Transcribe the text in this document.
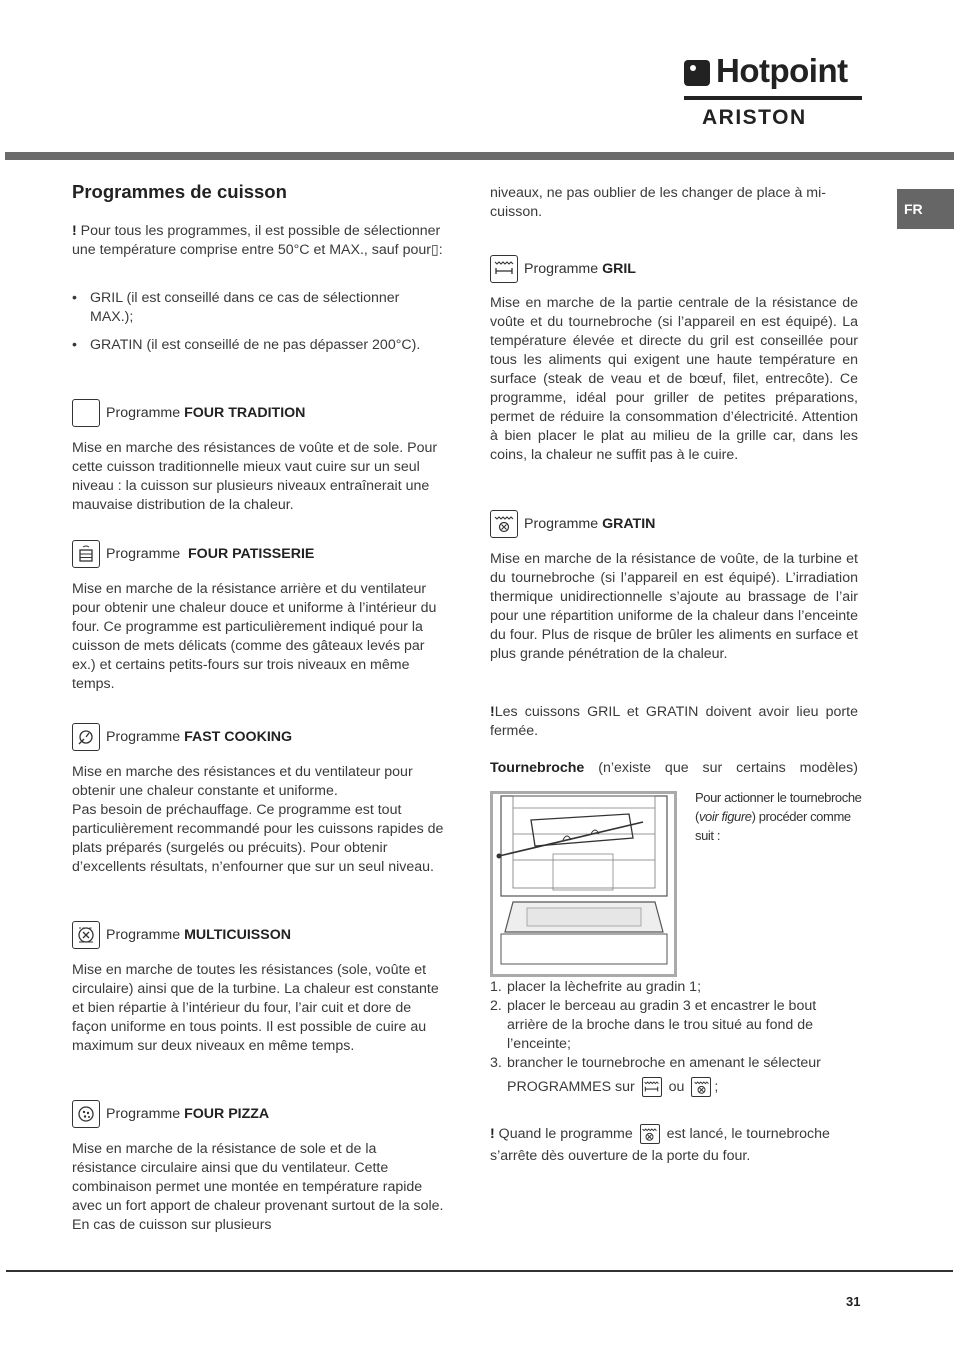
Hotpoint
ARISTON
FR
Programmes de cuisson

! Pour tous les programmes, il est possible de sélectionner une température comprise entre 50°C et MAX., sauf pour▯:

• GRIL (il est conseillé dans ce cas de sélectionner MAX.);
• GRATIN (il est conseillé de ne pas dépasser 200°C).
Programme FOUR TRADITION

Mise en marche des résistances de voûte et de sole. Pour cette cuisson traditionnelle mieux vaut cuire sur un seul niveau : la cuisson sur plusieurs niveaux entraînerait une mauvaise distribution de la chaleur.

Programme FOUR PATISSERIE

Mise en marche de la résistance arrière et du ventilateur pour obtenir une chaleur douce et uniforme à l’intérieur du four. Ce programme est particulièrement indiqué pour la cuisson de mets délicats (comme des gâteaux levés par ex.) et certains petits-fours sur trois niveaux en même temps.

Programme FAST COOKING

Mise en marche des résistances et du ventilateur pour obtenir une chaleur constante et uniforme.
Pas besoin de préchauffage. Ce programme est tout particulièrement recommandé pour les cuissons rapides de plats préparés (surgelés ou précuits). Pour obtenir d’excellents résultats, n’enfourner que sur un seul niveau.

Programme MULTICUISSON

Mise en marche de toutes les résistances (sole, voûte et circulaire) ainsi que de la turbine. La chaleur est constante et bien répartie à l’intérieur du four, l’air cuit et dore de façon uniforme en tous points. Il est possible de cuire au maximum sur deux niveaux en même temps.

Programme FOUR PIZZA

Mise en marche de la résistance de sole et de la résistance circulaire ainsi que du ventilateur. Cette combinaison permet une montée en température rapide avec un fort apport de chaleur provenant surtout de la sole. En cas de cuisson sur plusieurs

niveaux, ne pas oublier de les changer de place à mi-cuisson.

Programme GRIL

Mise en marche de la partie centrale de la résistance de voûte et du tournebroche (si l’appareil en est équipé). La température élevée et directe du gril est conseillée pour tous les aliments qui exigent une haute température en surface (steak de veau et de bœuf, filet, entrecôte). Ce programme, idéal pour griller de petites préparations, permet de réduire la consommation d’électricité. Attention à bien placer le plat au milieu de la grille car, dans les coins, la chaleur ne suffit pas à le cuire.

Programme GRATIN

Mise en marche de la résistance de voûte, de la turbine et du tournebroche (si l’appareil en est équipé). L’irradiation thermique unidirectionnelle s’ajoute au brassage de l’air pour une répartition uniforme de la chaleur dans l’enceinte du four. Plus de risque de brûler les aliments en surface et plus grande pénétration de la chaleur.

!Les cuissons GRIL et GRATIN doivent avoir lieu porte fermée.

Tournebroche (n’existe que sur certains modèles)

Pour actionner le tournebroche (voir figure) procéder comme suit :

1. placer la lèchefrite au gradin 1;
2. placer le berceau au gradin 3 et encastrer le bout arrière de la broche dans le trou situé au fond de l’enceinte;
3. brancher le tournebroche en amenant le sélecteur
PROGRAMMES sur ou ;

! Quand le programme est lancé, le tournebroche s’arrête dès ouverture de la porte du four.

31
